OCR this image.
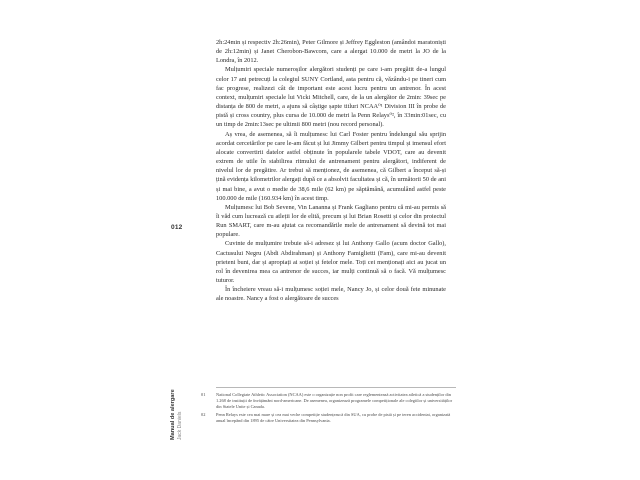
2h:24min și respectiv 2h:26min), Peter Gilmore și Jeffrey Eggleston (amândoi maratoniști de 2h:12min) și Janet Cherobon-Bawcom, care a alergat 10.000 de metri la JO de la Londra, în 2012.

Mulțumiri speciale numeroșilor alergători studenți pe care i-am pregătit de-a lungul celor 17 ani petrecuți la colegiul SUNY Cortland, asta pentru că, văzându-i pe tineri cum fac progrese, realizezi cât de important este acest lucru pentru un antrenor. În acest context, mulțumiri speciale lui Vicki Mitchell, care, de la un alergător de 2min: 39sec pe distanța de 800 de metri, a ajuns să câștige șapte titluri NCAA⁰¹ Division III în probe de pistă și cross country, plus cursa de 10.000 de metri la Penn Relays⁰², în 33min:01sec, cu un timp de 2min:13sec pe ultimii 800 metri (nou record personal).

Aș vrea, de asemenea, să îi mulțumesc lui Carl Foster pentru îndelungul său sprijin acordat cercetărilor pe care le-am făcut și lui Jimmy Gilbert pentru timpul și imensul efort alocate convertirii datelor astfel obținute în popularele tabele VDOT, care au devenit extrem de utile în stabilirea ritmului de antrenament pentru alergători, indiferent de nivelul lor de pregătire. Ar trebui să menționez, de asemenea, că Gilbert a început să-și țină evidența kilometrilor alergați după ce a absolvit facultatea și că, în următorii 50 de ani și mai bine, a avut o medie de 38,6 mile (62 km) pe săptămână, acumulând astfel peste 100.000 de mile (160.934 km) în acest timp.

Mulțumesc lui Bob Sevene, Vin Lananna și Frank Gagliano pentru că mi-au permis să îi văd cum lucrează cu atleții lor de elită, precum și lui Brian Rosetti și celor din proiectul Run SMART, care m-au ajutat ca recomandările mele de antrenament să devină tot mai populare.

Cuvinte de mulțumire trebuie să-i adresez și lui Anthony Gallo (acum doctor Gallo), Cactusului Negru (Abdi Abdirahman) și Anthony Famiglietti (Fam), care mi-au devenit prieteni buni, dar și apropiați ai soției și fetelor mele. Toți cei menționați aici au jucat un rol în devenirea mea ca antrenor de succes, iar mulți continuă să o facă. Vă mulțumesc tuturor.

În încheiere vreau să-i mulțumesc soției mele, Nancy Jo, și celor două fete minunate ale noastre. Nancy a fost o alergătoare de succes

012
01	National Collegiate Athletic Association (NCAA) este o organizație non profit care reglementează activitatea atletică a studenților din 1.268 de instituții de învățământ nord-americane. De asemenea, organizează programele competiționale ale colegiilor și universităților din Statele Unite și Canada.
02	Penn Relays este cea mai mare și cea mai veche competiție studențească din SUA, cu probe de pistă și pe teren accidentat, organizată anual începând din 1895 de către Universitatea din Pennsylvania.
Manual de alergare Jack Daniels
